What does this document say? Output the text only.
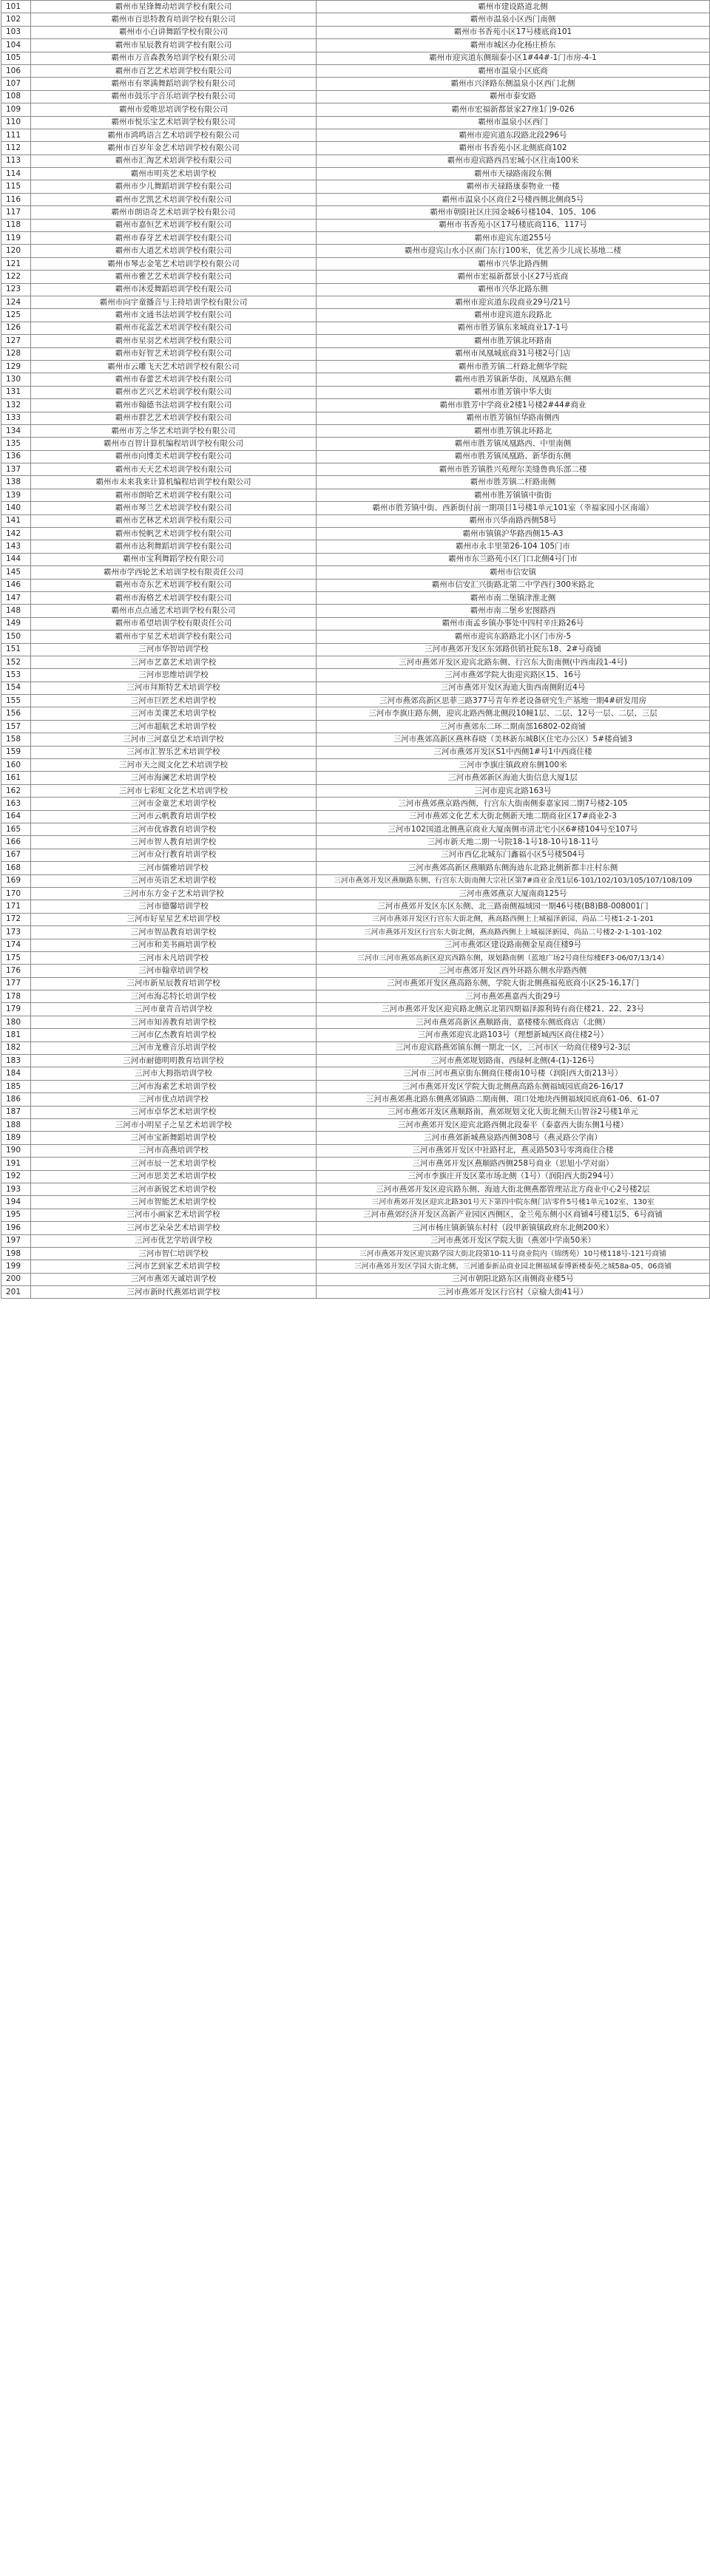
101	霸州市星锋舞动培训学校有限公司	霸州市建设路道北侧
102	霸州市百思特教育培训学校有限公司	霸州市温泉小区西门南侧
103	霸州市小白讲舞蹈学校有限公司	霸州市书香苑小区17号楼底商101
104	霸州市星辰教育培训学校有限公司	霸州市城区办化杨庄桥东
105	霸州市万音森教务培训学校有限公司	霸州市迎宾道东侧瑞泰小区1#44#-1门市房-4-1
106	霸州市百艺艺术培训学校有限公司	霸州市温泉小区底商
107	霸州市有翠满舞蹈培训学校有限公司	霸州市兴泽路东侧温泉小区西门北侧
108	霸州市鼓乐宇音乐培训学校有限公司	霸州市泰安路
109	霸州市爱唯思培训学校有限公司	霸州市宏福新都景家27座1门9-026
110	霸州市悦乐宝艺术培训学校有限公司	霸州市温泉小区西门
111	霸州市鸿鸣语言艺术培训学校有限公司	霸州市迎宾道东段路北段296号
112	霸州市百岁年金艺术培训学校有限公司	霸州市书香苑小区北侧底商102
113	霸州市汇淘艺术培训学校有限公司	霸州市迎宾路西昌宏城小区往南100米
114	霸州市明英艺术培训学校	霸州市天禄路南段东侧
115	霸州市少儿舞蹈培训学校有限公司	霸州市天禄路康泰物业一楼
116	霸州市艺凯艺术培训学校有限公司	霸州市温泉小区商住2号楼西侧北侧商5号
117	霸州市朗语奇艺术培训学校有限公司	霸州市朝阳社区庄园金城6号楼104、105、106
118	霸州市嘉恒艺术培训学校有限公司	霸州市书香苑小区17号楼底商116、117号
119	霸州市春芽艺术培训学校有限公司	霸州市迎宾东道255号
120	霸州市大道艺术培训学校有限公司	霸州市迎宾山水小区南门东行100米，优艺善少儿成长基地二楼
121	霸州市琴志金笔艺术培训学校有限公司	霸州市兴华北路西侧
122	霸州市雅艺艺术培训学校有限公司	霸州市宏福新都景小区27号底商
123	霸州市沐爱舞蹈培训学校有限公司	霸州市兴华北路东侧
124	霸州市向宇童播音与主持培训学校有限公司	霸州市迎宾道东段商业29号/21号
125	霸州市文通书法培训学校有限公司	霸州市迎宾道东段路北
126	霸州市花蕊艺术培训学校有限公司	霸州市胜芳镇东来城商业17-1号
127	霸州市星羽艺术培训学校有限公司	霸州市胜芳镇北环路南
128	霸州市好智艺术培训学校有限公司	霸州市凤凰城底商31号楼2号门店
129	霸州市云雕飞天艺术培训学校有限公司	霸州市胜芳镇二杆路北侧华学院
130	霸州市春蕾艺术培训学校有限公司	霸州市胜芳镇新华街、凤凰路东侧
131	霸州市艺兴艺术培训学校有限公司	霸州市胜芳镇中华大街
132	霸州市翰德书法培训学校有限公司	霸州市胜芳中学商业2楼1号楼2#44#商业
133	霸州市群艺艺术培训学校有限公司	霸州市胜芳镇恒华路南侧西
134	霸州市芳之华艺术培训学校有限公司	霸州市胜芳镇北环路北
135	霸州市百智计算机编程培训学校有限公司	霸州市胜芳镇凤凰路西、中里南侧
136	霸州市向博美术培训学校有限公司	霸州市胜芳镇凤凰路、新华街东侧
137	霸州市天天艺术培训学校有限公司	霸州市胜芳镇胜兴苑理尔美缝鲁典乐部二楼
138	霸州市未来我来计算机编程培训学校有限公司	霸州市胜芳镇二杆路南侧
139	霸州市朗哈艺术培训学校有限公司	霸州市胜芳镇镇中街街
140	霸州市琴兰艺术培训学校有限公司	霸州市胜芳镇中街、西新街付前一期项目1号楼1单元101室（幸福家园小区南端）
141	霸州市艺林艺术培训学校有限公司	霸州市兴华南路西侧58号
142	霸州市悦帆艺术培训学校有限公司	霸州市镇镇沪华路西侧15-A3
143	霸州市达利舞蹈培训学校有限公司	霸州市永丰里第26-104 105门市
144	霸州市宝利舞蹈学校有限公司	霸州市东兰路苑小区门口北侧4号门市
145	霸州市学西轮艺术培训学校有限责任公司	霸州市信安镇
146	霸州市奇东艺术培训学校有限公司	霸州市信安汇兴街路北第二中学西行300米路北
147	霸州市海格艺术培训学校有限公司	霸州市南二堡镇津淮北侧
148	霸州市点点通艺术培训学校有限公司	霸州市南二堡乡宏图路西
149	霸州市希望培训学校有限责任公司	霸州市南孟乡镇办事处中四村辛庄路26号
150	霸州市宇星艺术培训学校有限公司	霸州市迎宾东路路北小区门市房-5
151	三河市华智培训学校	三河市燕郊开发区东郊路供销社院东18、2#号商铺
152	三河市艺嘉艺术培训学校	三河市燕郊开发区迎宾北路东侧、行宫东大街南侧(中西南段1-4号)
153	三河市思维培训学校	三河市燕郊学院大街迎宾路区15、16号
154	三河市拜斯特艺术培训学校	三河市燕郊开发区海迪大街西南侧附近4号
155	三河市巨匠艺术培训学校	三河市燕郊高新区思菲三路377号青年养老设备研究生产基地一期4#研发用房
156	三河市美课艺术培训学校	三河市李旗庄路东侧，迎宾北路西侧北侧段10幢1层、二层、12号一层、二层、三层
157	三河市超航艺术培训学校	三河市燕郊东二环二期南部16802-02商铺
158	三河市三河嘉皇艺术培训学校	三河市燕郊高新区燕林春晓（美林新东城B区住宅办公区）5#楼商铺3
159	三河市汇智乐艺术培训学校	三河市燕郊开发区S1中西侧1#号1中西商住楼
160	三河市天之阅文化艺术培训学校	三河市李旗庄镇政府东侧100米
161	三河市海澜艺术培训学校	三河市燕郊新区海迪大街信息大厦1层
162	三河市七彩虹文化艺术培训学校	三河市迎宾北路163号
163	三河市金童艺术培训学校	三河市燕郊燕京路西侧，行宫东大街南侧泰嘉家园二期7号楼2-105
164	三河市云帆教育培训学校	三河市燕郊文化艺术大街北侧新天地二期商业区17#商业2-3
165	三河市优睿教育培训学校	三河市102国道北侧燕京商业大厦南侧市清北宅小区6#楼104号至107号
166	三河市智人教育培训学校	三河市新天地二期一号院18-1号18-10号18-11号
167	三河市众行教育培训学校	三河市西亿北城东门鑫福小区5号楼504号
168	三河市儒雅培训学校	三河市燕郊高新区燕顺路东侧海迪东北路北侧新都丰庄村东侧
169	三河市英语艺术培训学校	三河市燕郊开发区燕顺路东侧、行宫东大街南侧大宗社区第7#商业金茂1层6-101/102/103/105/107/108/109
170	三河市东方金子艺术培训学校	三河市燕郊燕京大厦南商125号
171	三河市德馨培训学校	三河市燕郊开发区东区东侧、北三路南侧福域园一期46号楼(B8)B8-008001门
172	三河市好星星艺术培训学校	三河市燕郊开发区行宫东大街北侧，燕高路西侧上上城福泽新园、尚品二号楼1-2-1-201
173	三河市智品教育培训学校	三河市燕郊开发区行宫东大街北侧，燕高路西侧上上城福泽新园、尚品二号楼2-2-1-101-102
174	三河市和美书画培训学校	三河市燕郊区建设路南侧金星商住楼9号
175	三河市未凡培训学校	三河市三河市燕郊高新区迎宾西路东侧，规划路南侧（蓝地广场2号商住综楼EF3-06/07/13/14）
176	三河市翰章培训学校	三河市燕郊开发区西外环路东侧水岸路西侧
177	三河市新星辰教育培训学校	三河市燕郊开发区燕高路东侧，学院大街北侧燕福苑底商小区25-16,17门
178	三河市海芯特长培训学校	三河市燕郊燕嘉西大街29号
179	三河市童青音培训学校	三河市燕郊开发区迎宾路北侧京北第四期福泽源利铸有商住楼21、22、23号
180	三河市知善教育培训学校	三河市燕郊高新区燕顺路南，嘉楼楼东侧底商店（北侧）
181	三河市亿杰教育培训学校	三河市燕郊迎宾北路103号（理想新城西区商住楼2号）
182	三河市龙雅音乐培训学校	三河市迎宾路燕郊镇东侧一期北一区，三河市区一幼商住楼9号2-3层
183	三河市耐德明明教育培训学校	三河市燕郊规划路南、西绿柯北侧(4-(1)-126号
184	三河市大拇指培训学校	三河市三河市燕京街东侧商住楼南10号楼（润阳西大街213号）
185	三河市海素艺术培训学校	三河市燕郊开发区学院大街北侧燕高路东侧福域园底商26-16/17
186	三河市优点培训学校	三河市燕郊燕北路东侧燕郊镇路二期南侧、项口处地块西侧福域园底商61-06、61-07
187	三河市卓华艺术培训学校	三河市燕郊开发区燕顺路南，燕郊规划文化大街北侧天山智谷2号楼1单元
188	三河市小明星子之星艺术培训学校	三河市燕郊开发区迎宾北路西侧北段泰平（泰嘉西大街东侧1号楼）
189	三河市宝新舞蹈培训学校	三河市燕郊新城燕泉路西侧308号（燕灵路公学南）
190	三河市高燕培训学校	三河市燕郊开发区中社路村北，燕灵路503号零湾商住合楼
191	三河市辰一艺术培训学校	三河市燕郊开发区燕顺路西侧258号商业（思旭小学对面）
192	三河市思美艺术培训学校	三河市李旗庄开发区菜市场北侧（1号）（润阳西大街294号）
193	三河市新锐艺术培训学校	三河市燕郊开发区迎宾路东侧、海迪大街北侧燕都管理站北方商业中心2号楼2层
194	三河市智能艺术培训学校	三河市燕郊开发区迎宾北路301号天下第四中院东侧门店零件5号楼1单元102室、130室
195	三河市小画家艺术培训学校	三河市燕郊经济开发区高新产业园区西侧区，金兰苑东侧小区商铺4号楼1层5、6号商铺
196	三河市艺朵朵艺术培训学校	三河市杨庄镇新镇东村村（段甲新镇镇政府东北侧200米）
197	三河市优艺学培训学校	三河市燕郊开发区学院大街（燕郊中学南50米）
198	三河市智仁培训学校	三河市燕郊开发区迎宾路学园大街北段第10-11号商业院内（锦绣苑）10号楼118号-121号商铺
199	三河市艺到家艺术培训学校	三河市燕郊开发区学园大街北侧、三河通泰新品商业园北侧福域泰博新楼泰苑之城58a-05、06商铺
200	三河市燕郊天诚培训学校	三河市朝阳北路东区南侧商业楼5号
201	三河市新时代燕郊培训学校	三河市燕郊开发区行宫村（京榆大街41号）
